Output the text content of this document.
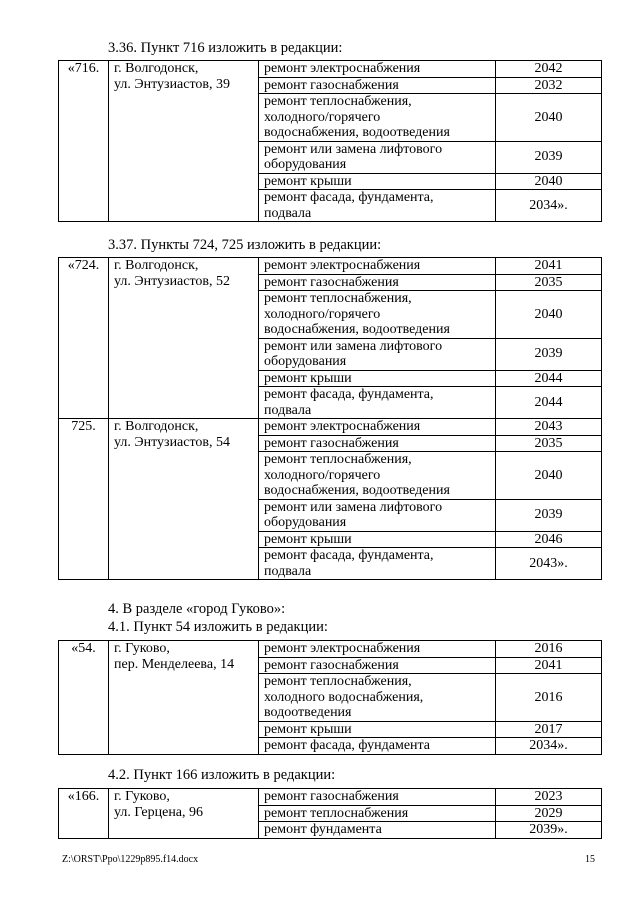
3.36. Пункт 716 изложить в редакции:
«716.	г. Волгодонск,
ул. Энтузиастов, 39	ремонт электроснабжения	2042

		ремонт газоснабжения	2032

		ремонт теплоснабжения,
холодного/горячего
водоснабжения, водоотведения	2040

		ремонт или замена лифтового
оборудования	2039

		ремонт крыши	2040

		ремонт фасада, фундамента,
подвала	2034».
3.37. Пункты 724, 725 изложить в редакции:
«724.	г. Волгодонск,
ул. Энтузиастов, 52	ремонт электроснабжения	2041

		ремонт газоснабжения	2035

		ремонт теплоснабжения,
холодного/горячего
водоснабжения, водоотведения	2040

		ремонт или замена лифтового
оборудования	2039

		ремонт крыши	2044

		ремонт фасада, фундамента,
подвала	2044
725.	г. Волгодонск,
ул. Энтузиастов, 54	ремонт электроснабжения	2043

		ремонт газоснабжения	2035

		ремонт теплоснабжения,
холодного/горячего
водоснабжения, водоотведения	2040

		ремонт или замена лифтового
оборудования	2039

		ремонт крыши	2046

		ремонт фасада, фундамента,
подвала	2043».
4. В разделе «город Гуково»:
4.1. Пункт 54 изложить в редакции:
«54.	г. Гуково,
пер. Менделеева, 14	ремонт электроснабжения	2016

		ремонт газоснабжения	2041

		ремонт теплоснабжения,
холодного водоснабжения,
водоотведения	2016

		ремонт крыши	2017

		ремонт фасада, фундамента	2034».
4.2. Пункт 166 изложить в редакции:
«166.	г. Гуково,
ул. Герцена, 96	ремонт газоснабжения	2023

		ремонт теплоснабжения	2029

		ремонт фундамента	2039».
Z:\ORST\Ppo\1229p895.f14.docx	15
